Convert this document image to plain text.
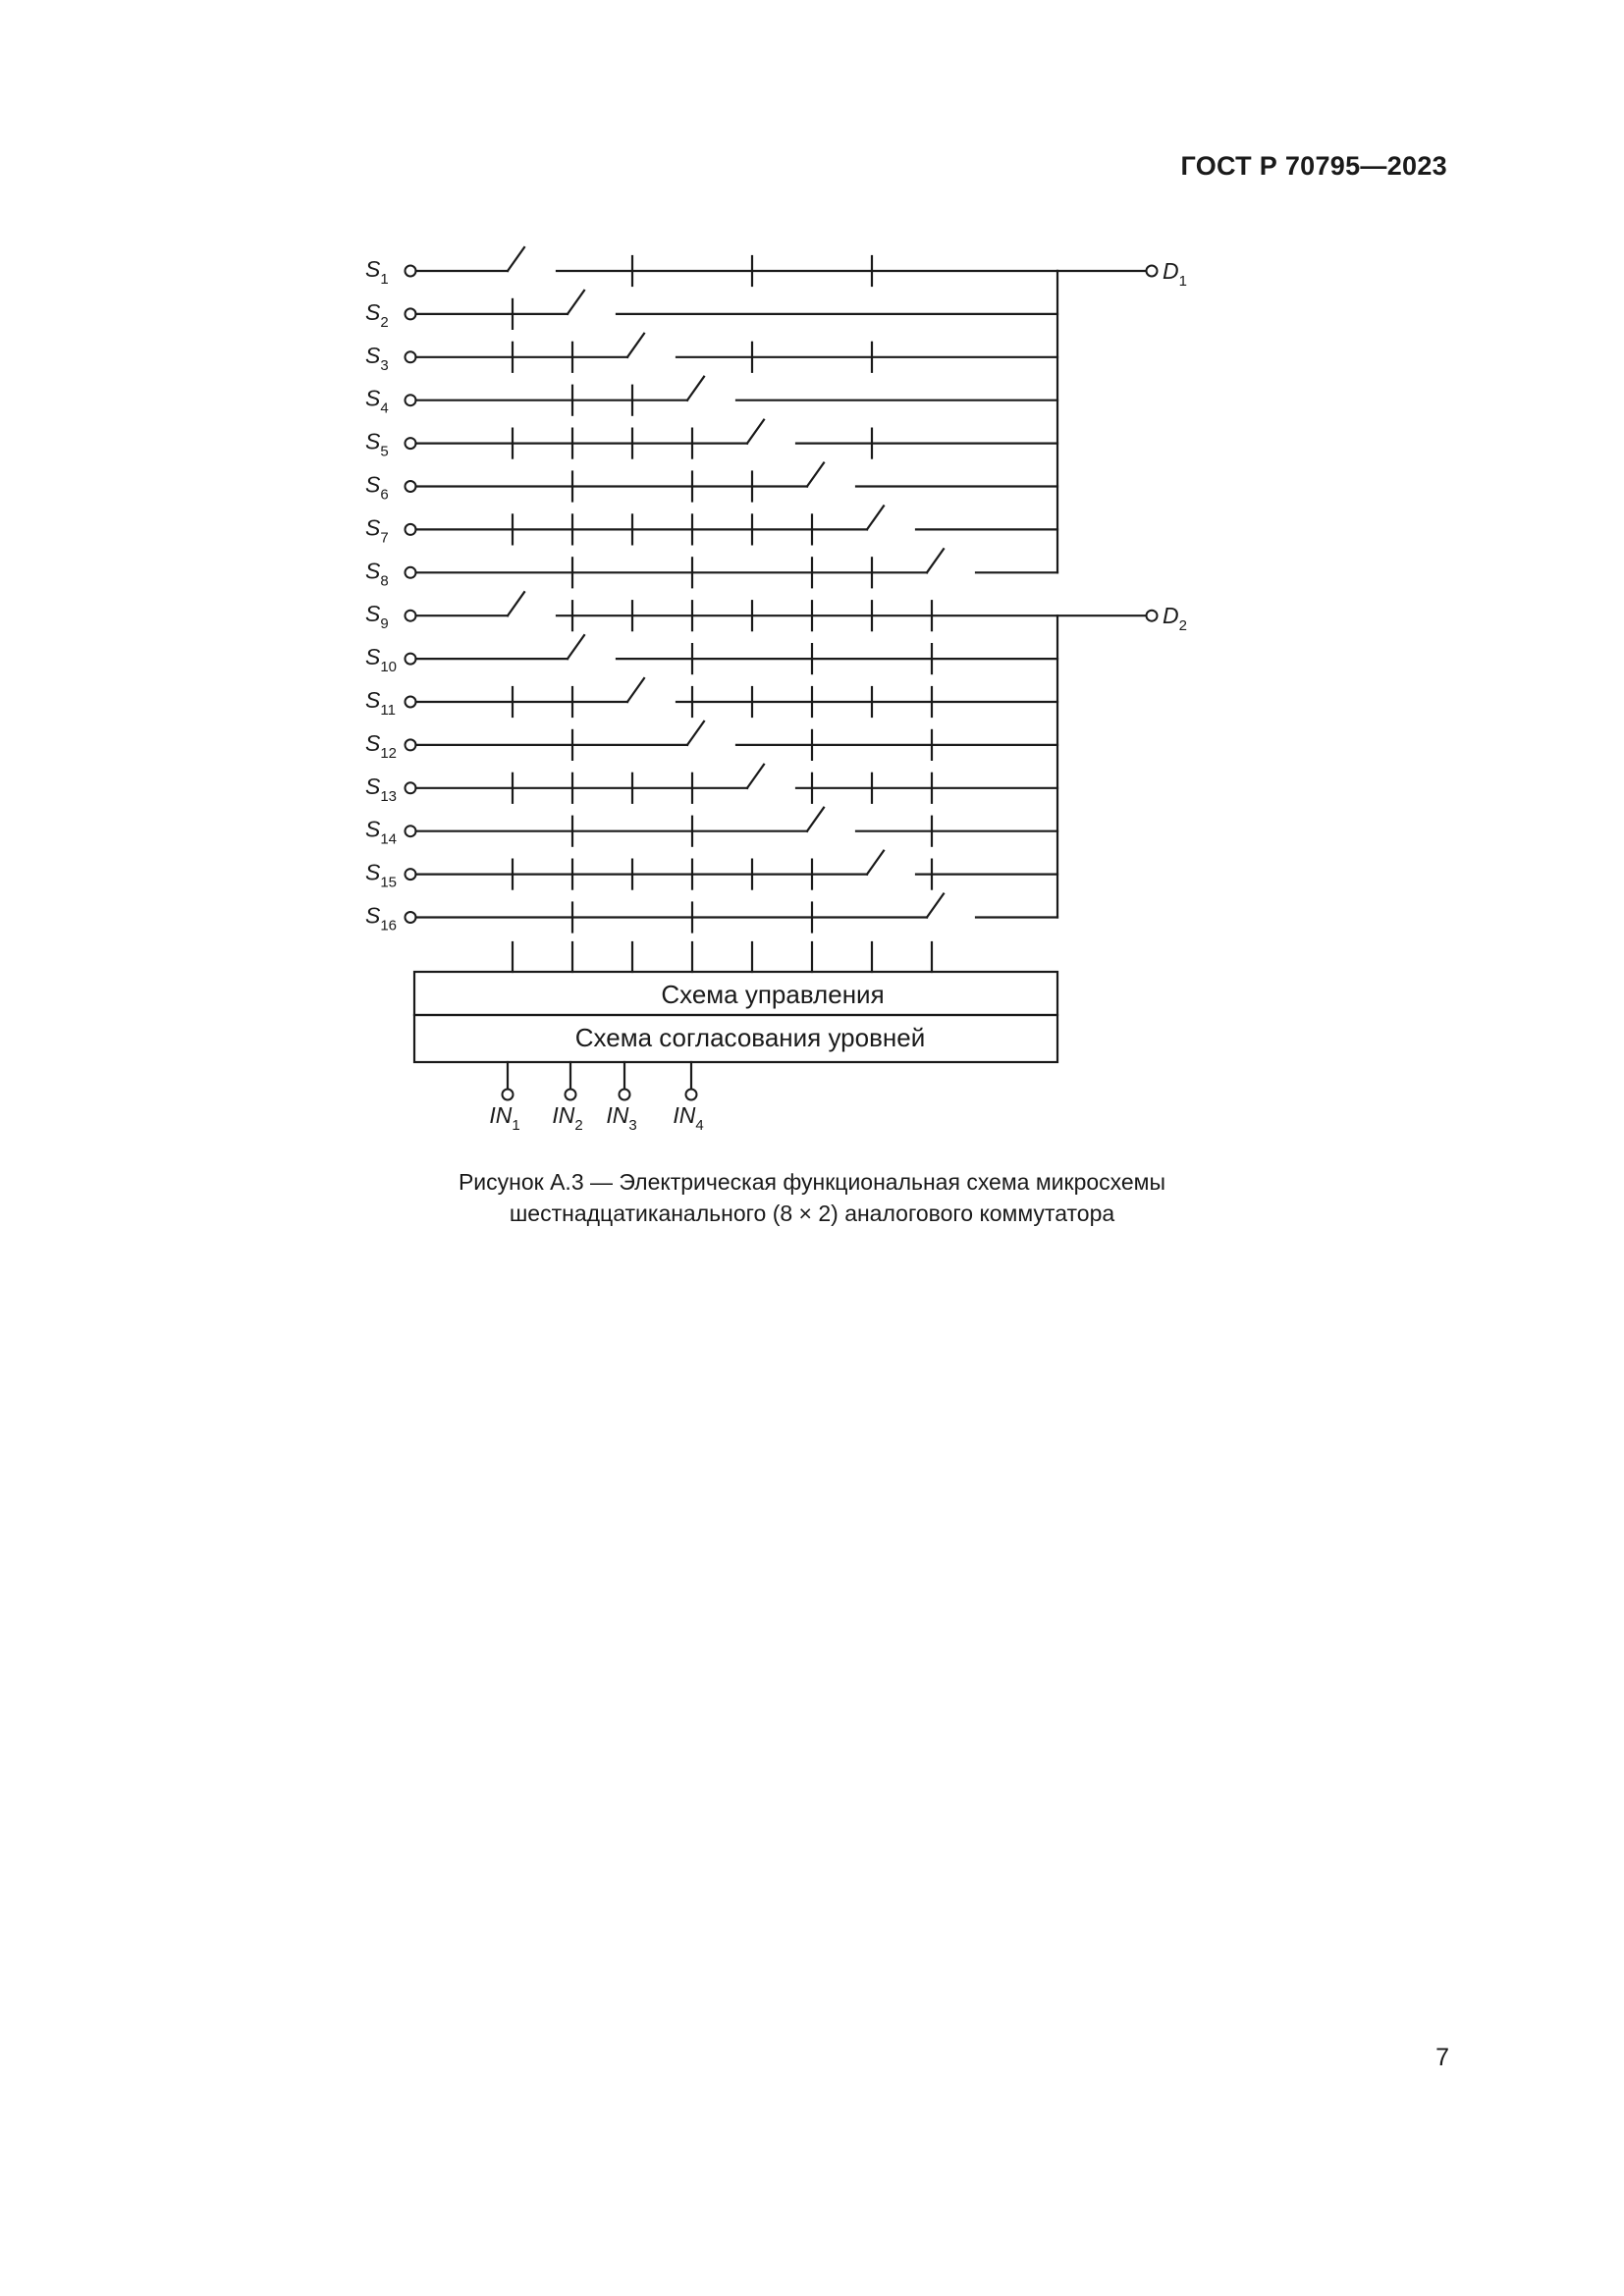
ГОСТ Р 70795—2023
$S_1$
$S_2$
$S_3$
$S_4$
$S_5$
$S_6$
$S_7$
$S_8$
$S_9$
$S_{10}$
$S_{11}$
$S_{12}$
$S_{13}$
$S_{14}$
$S_{15}$
$S_{16}$
$D_1$
$D_2$
$IN_1$ $IN_2$ $IN_3$ $IN_4$
Схема управления
Схема согласования уровней
Рисунок А.3 — Электрическая функциональная схема микросхемы
шестнадцатиканального (8 × 2) аналогового коммутатора
7
